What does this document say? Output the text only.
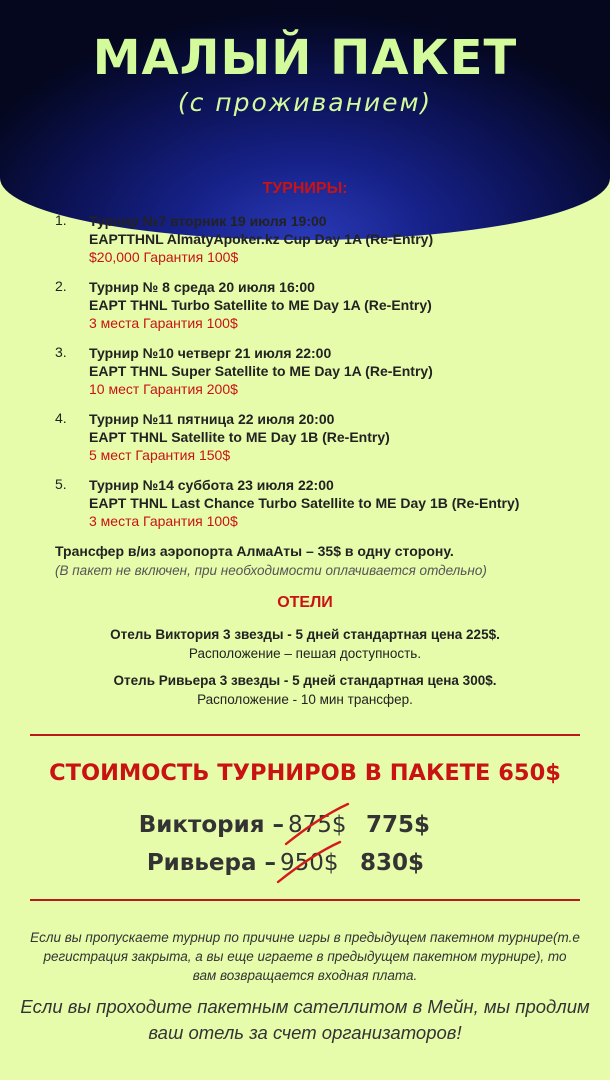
МАЛЫЙ ПАКЕТ
(с проживанием)
ТУРНИРЫ:
1. Турнир №7 вторник 19 июля 19:00
EAPTTHNL AlmatyApoker.kz Cup Day 1A (Re-Entry)
$20,000 Гарантия 100$
2. Турнир № 8 среда 20 июля 16:00
EAPT THNL Turbo Satellite to ME Day 1A (Re-Entry)
3 места Гарантия 100$
3. Турнир №10 четверг 21 июля 22:00
EAPT THNL Super Satellite to ME Day 1A (Re-Entry)
10 мест Гарантия 200$
4. Турнир №11 пятница 22 июля 20:00
EAPT THNL Satellite to ME Day 1B (Re-Entry)
5 мест Гарантия 150$
5. Турнир №14 суббота 23 июля 22:00
EAPT THNL Last Chance Turbo Satellite to ME Day 1B (Re-Entry)
3 места Гарантия 100$
Трансфер в/из аэропорта АлмаАты – 35$ в одну сторону.
(В пакет не включен, при необходимости оплачивается отдельно)
ОТЕЛИ
Отель Виктория 3 звезды - 5 дней стандартная цена 225$.
Расположение – пешая доступность.
Отель Ривьера 3 звезды - 5 дней стандартная цена 300$.
Расположение - 10 мин трансфер.
СТОИМОСТЬ ТУРНИРОВ В ПАКЕТЕ 650$
Виктория – 875$ 775$
Ривьера – 950$ 830$
Если вы пропускаете турнир по причине игры в предыдущем пакетном турнире(т.е регистрация закрыта, а вы еще играете в предыдущем пакетном турнире), то вам возвращается входная плата.
Если вы проходите пакетным сателлитом в Мейн, мы продлим ваш отель за счет организаторов!
